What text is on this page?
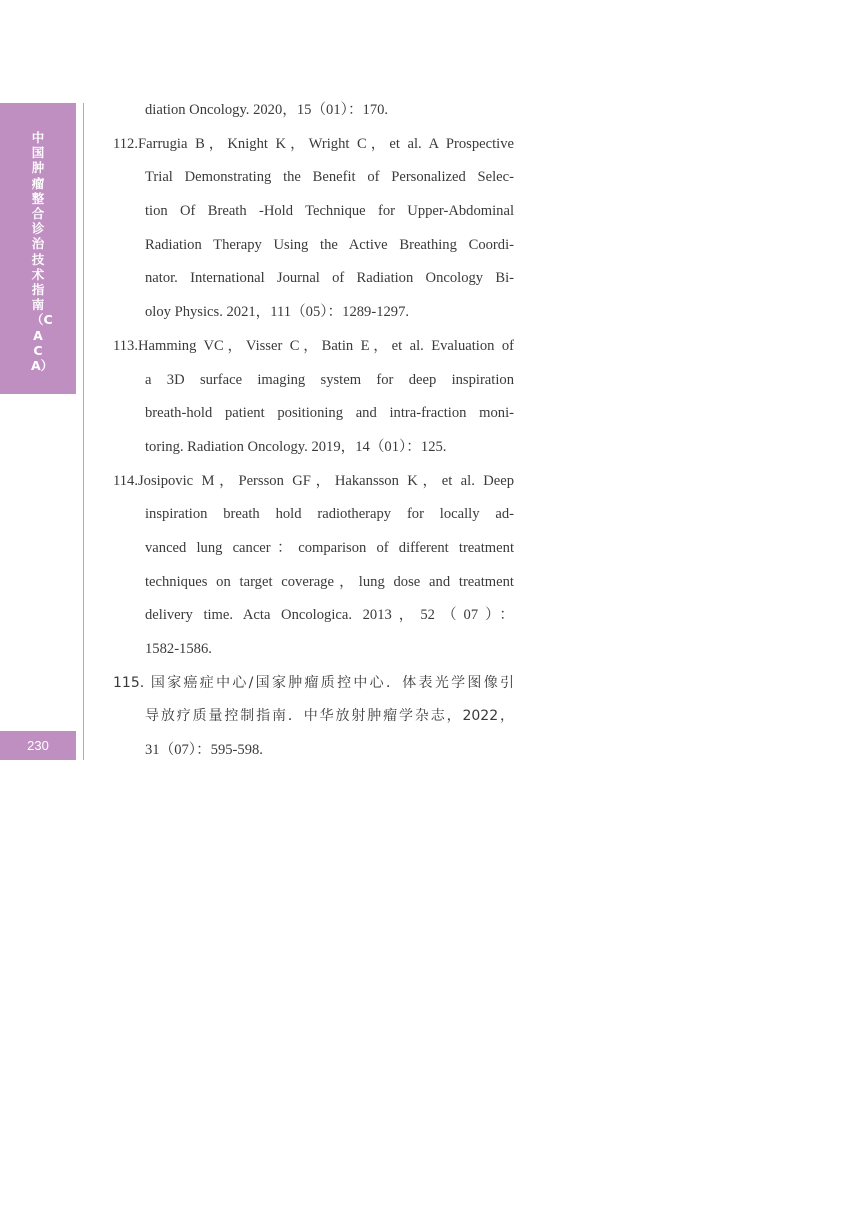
中国肿瘤整合诊治技术指南（CACA）
230
diation Oncology. 2020，15（01）：170.
112.Farrugia B，Knight K，Wright C，et al. A Prospective
Trial Demonstrating the Benefit of Personalized Selec-
tion Of Breath -Hold Technique for Upper-Abdominal
Radiation Therapy Using the Active Breathing Coordi-
nator. International Journal of Radiation Oncology Bi-
oloy Physics. 2021，111（05）：1289-1297.
113.Hamming VC，Visser C，Batin E，et al. Evaluation of
a 3D surface imaging system for deep inspiration
breath-hold patient positioning and intra-fraction moni-
toring. Radiation Oncology. 2019，14（01）：125.
114.Josipovic M，Persson GF，Hakansson K，et al. Deep
inspiration breath hold radiotherapy for locally ad-
vanced lung cancer：comparison of different treatment
techniques on target coverage，lung dose and treatment
delivery time. Acta Oncologica. 2013，52（07）：
1582-1586.
115. 国家癌症中心/国家肿瘤质控中心．体表光学图像引
导放疗质量控制指南．中华放射肿瘤学杂志，2022，
31（07）：595-598.
